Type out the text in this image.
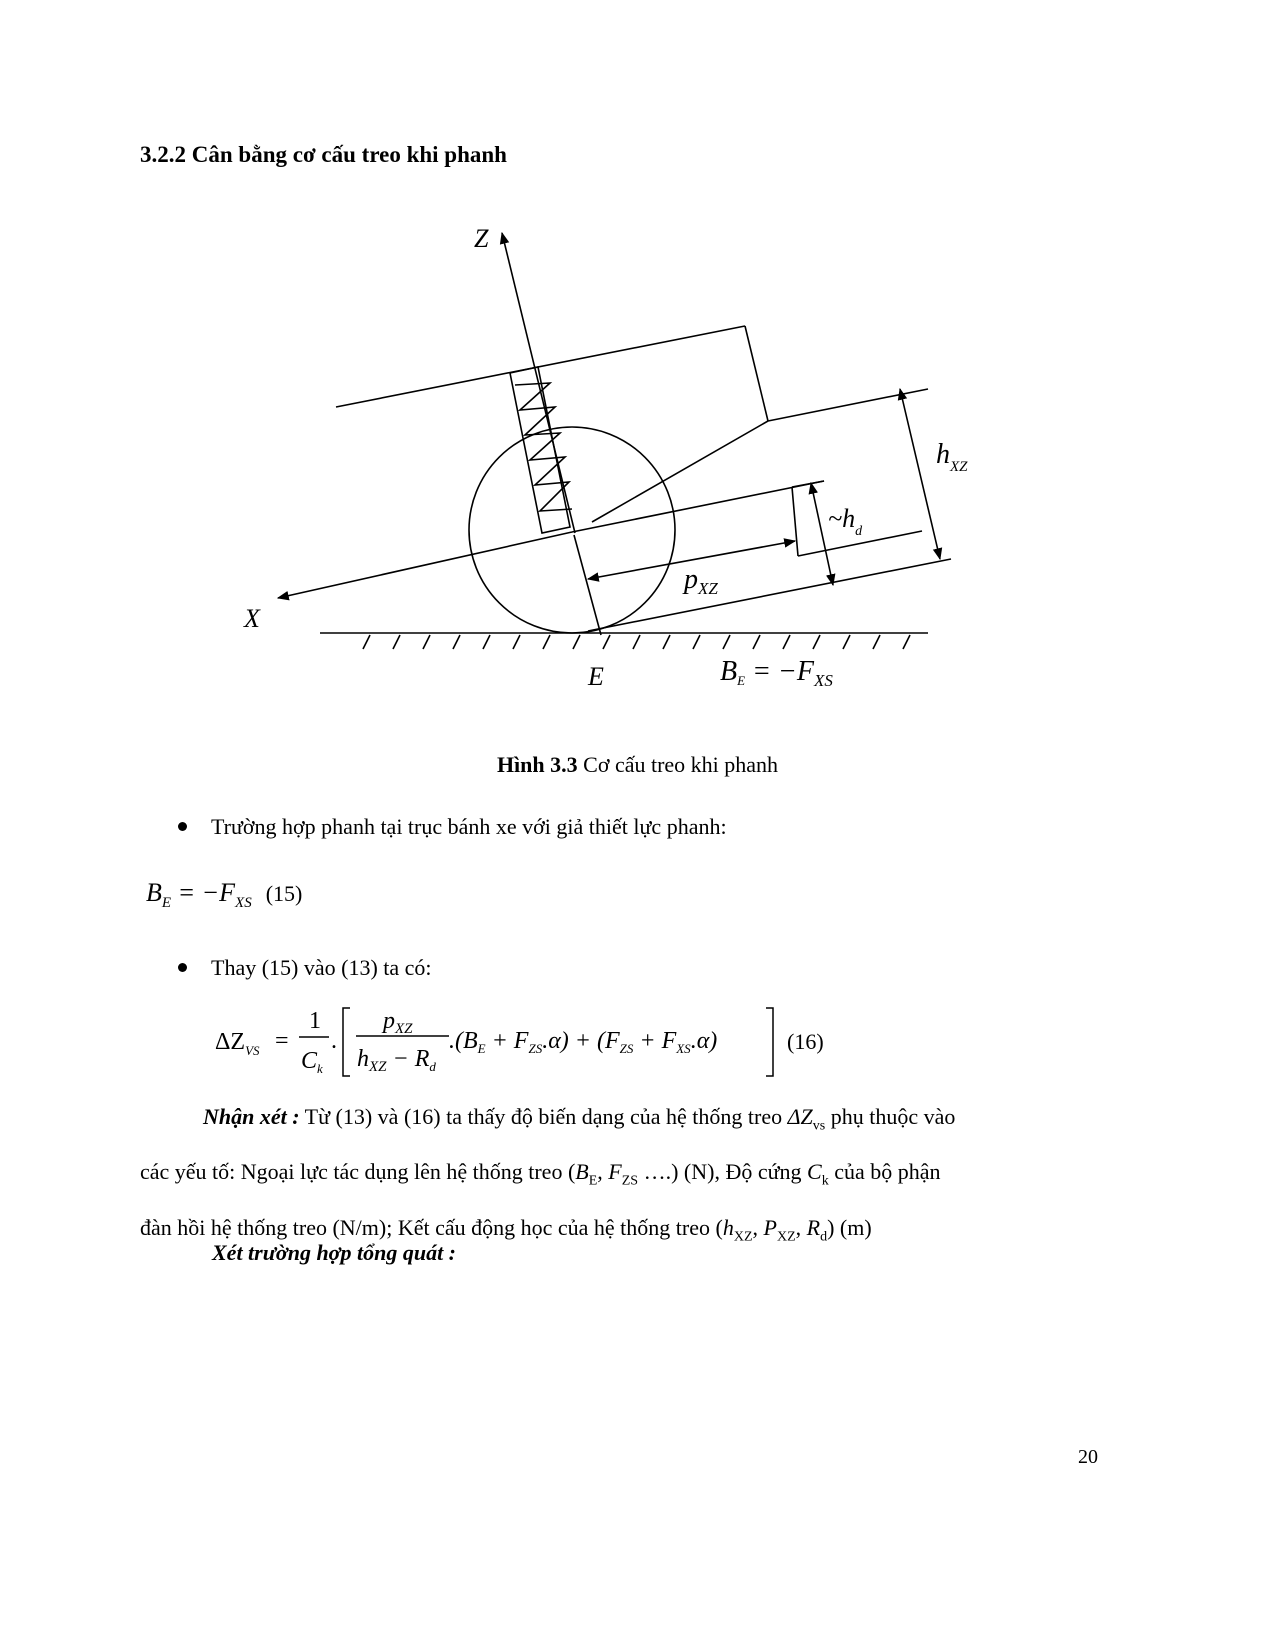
3.2.2 Cân bằng cơ cấu treo khi phanh
Z
X
E
$h_{XZ}$
$\sim h_d$
$p_{XZ}$
BE = $-F_{XS}$
Hình 3.3 Cơ cấu treo khi phanh
Trường hợp phanh tại trục bánh xe với giả thiết lực phanh:
$B_E = -F_{XS}$ (15)
Thay (15) vào (13) ta có:
$\Delta Z_{VS}$ =
1
$C_k$
.
$p_{XZ}$
$h_{XZ} - R_d$
$.(B_E + F_{ZS}.\alpha) + (F_{ZS} + F_{XS}.\alpha)$	(16)
Nhận xét : Từ (13) và (16) ta thấy độ biến dạng của hệ thống treo $\Delta Z_{vs}$ phụ thuộc vào
các yếu tố: Ngoại lực tác dụng lên hệ thống treo ($B_E$, $F_{ZS}$ ….) (N), Độ cứng $C_k$ của bộ phận
đàn hồi hệ thống treo (N/m); Kết cấu động học của hệ thống treo ($h_{XZ}$, $P_{XZ}$, $R_d$) (m)
Xét trường hợp tổng quát :
20
